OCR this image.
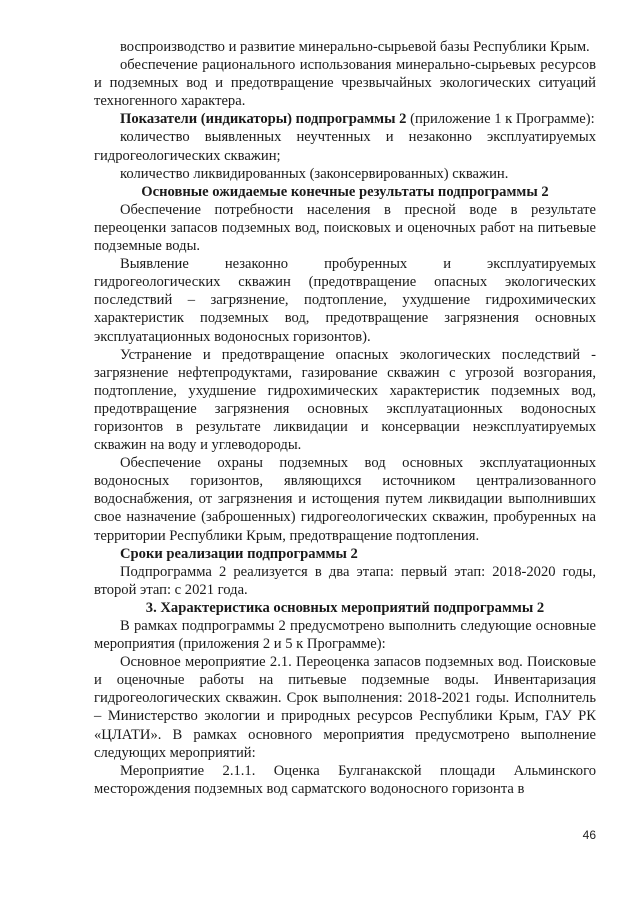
воспроизводство и развитие минерально-сырьевой базы Республики Крым.

обеспечение рационального использования минерально-сырьевых ресурсов и подземных вод и предотвращение чрезвычайных экологических ситуаций техногенного характера.

Показатели (индикаторы) подпрограммы 2 (приложение 1 к Программе):

количество выявленных неучтенных и незаконно эксплуатируемых гидрогеологических скважин;

количество ликвидированных (законсервированных) скважин.

Основные ожидаемые конечные результаты подпрограммы 2

Обеспечение потребности населения в пресной воде в результате переоценки запасов подземных вод, поисковых и оценочных работ на питьевые подземные воды.

Выявление незаконно пробуренных и эксплуатируемых гидрогеологических скважин (предотвращение опасных экологических последствий – загрязнение, подтопление, ухудшение гидрохимических характеристик подземных вод, предотвращение загрязнения основных эксплуатационных водоносных горизонтов).

Устранение и предотвращение опасных экологических последствий - загрязнение нефтепродуктами, газирование скважин с угрозой возгорания, подтопление, ухудшение гидрохимических характеристик подземных вод, предотвращение загрязнения основных эксплуатационных водоносных горизонтов в результате ликвидации и консервации неэксплуатируемых скважин на воду и углеводороды.

Обеспечение охраны подземных вод основных эксплуатационных водоносных горизонтов, являющихся источником централизованного водоснабжения, от загрязнения и истощения путем ликвидации выполнивших свое назначение (заброшенных) гидрогеологических скважин, пробуренных на территории Республики Крым, предотвращение подтопления.

Сроки реализации подпрограммы 2

Подпрограмма 2 реализуется в два этапа: первый этап: 2018-2020 годы, второй этап: с 2021 года.

3. Характеристика основных мероприятий подпрограммы 2

В рамках подпрограммы 2 предусмотрено выполнить следующие основные мероприятия (приложения 2 и 5 к Программе):

Основное мероприятие 2.1. Переоценка запасов подземных вод. Поисковые и оценочные работы на питьевые подземные воды. Инвентаризация гидрогеологических скважин. Срок выполнения: 2018-2021 годы. Исполнитель – Министерство экологии и природных ресурсов Республики Крым, ГАУ РК «ЦЛАТИ». В рамках основного мероприятия предусмотрено выполнение следующих мероприятий:

Мероприятие 2.1.1. Оценка Булганакской площади Альминского месторождения подземных вод сарматского водоносного горизонта в

46
